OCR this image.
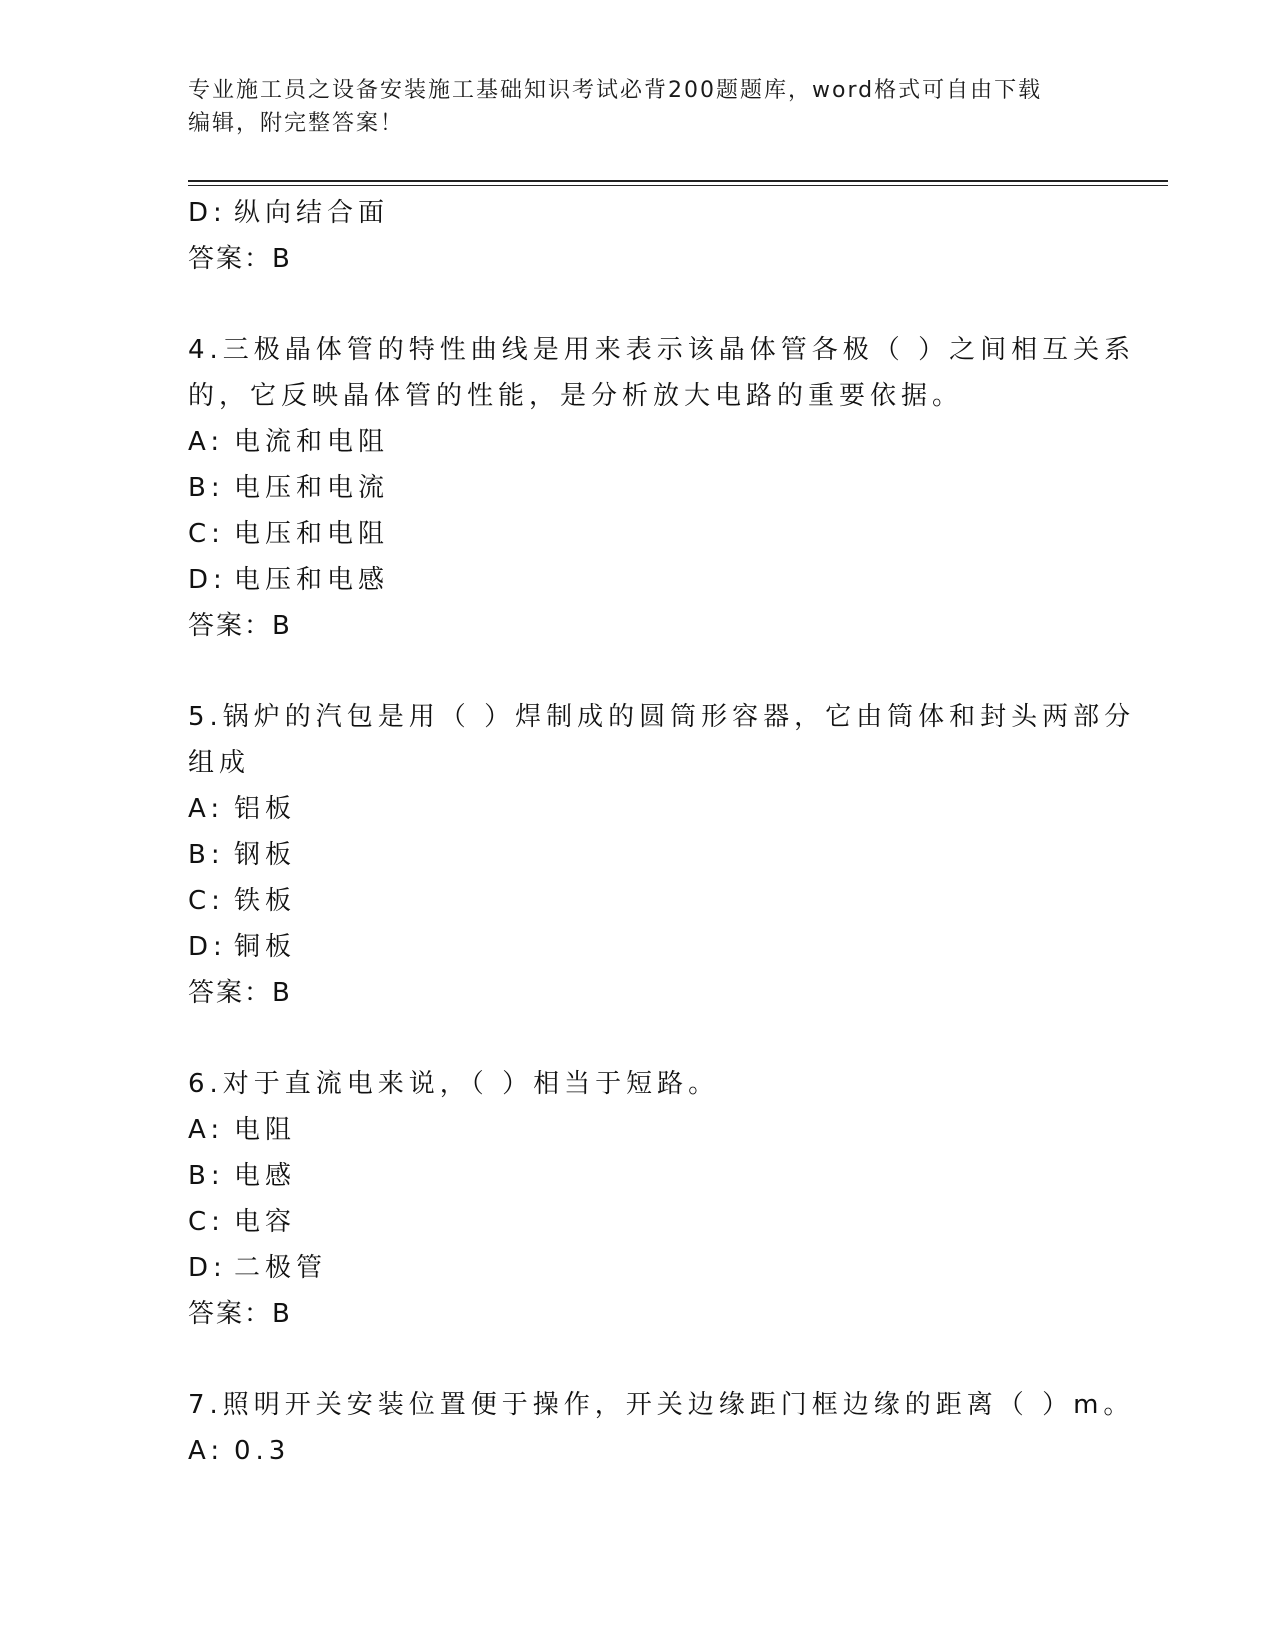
专业施工员之设备安装施工基础知识考试必背200题题库，word格式可自由下载
编辑，附完整答案！
D: 纵向结合面
答案：B
4.三极晶体管的特性曲线是用来表示该晶体管各极（ ）之间相互关系
的，它反映晶体管的性能，是分析放大电路的重要依据。
A: 电流和电阻
B: 电压和电流
C: 电压和电阻
D: 电压和电感
答案：B
5.锅炉的汽包是用（ ）焊制成的圆筒形容器，它由筒体和封头两部分
组成
A: 铝板
B: 钢板
C: 铁板
D: 铜板
答案：B
6.对于直流电来说，（ ）相当于短路。
A: 电阻
B: 电感
C: 电容
D: 二极管
答案：B
7.照明开关安装位置便于操作，开关边缘距门框边缘的距离（ ）m。
A: 0.3
